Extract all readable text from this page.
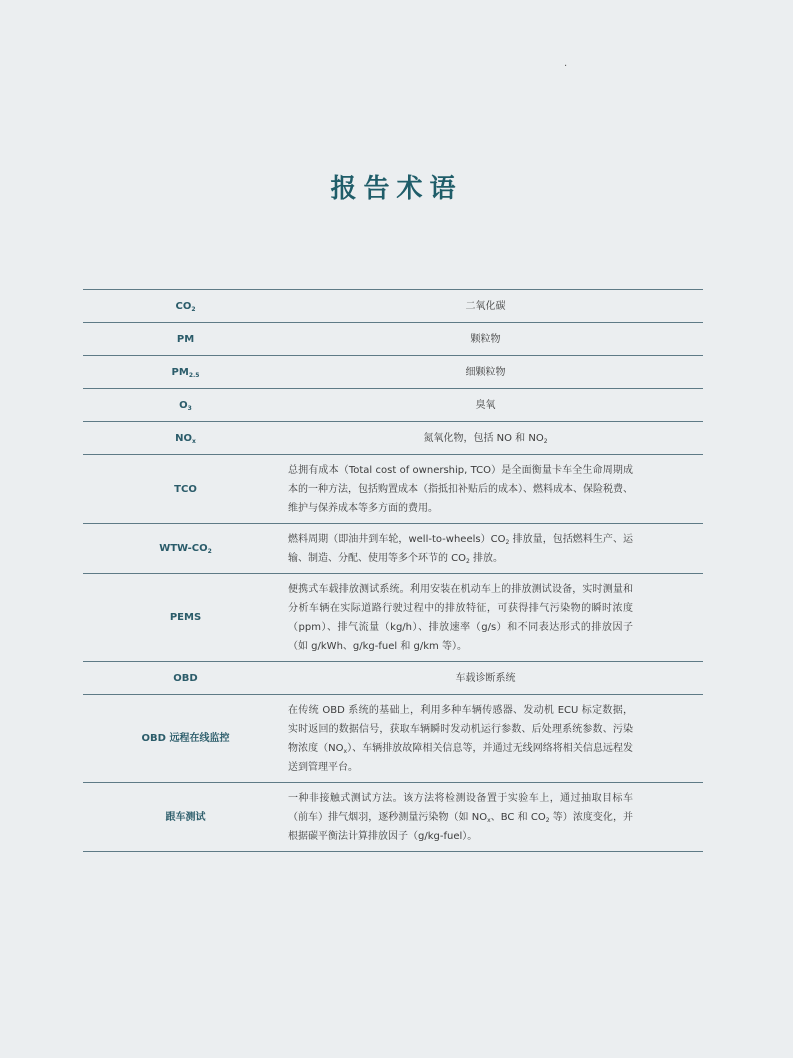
.
报告术语
$CO_2$	二氧化碳
PM	颗粒物
$PM_{2.5}$	细颗粒物
$O_3$	臭氧
$NO_x$	氮氧化物，包括 NO 和 $NO_2$
TCO	总拥有成本（Total cost of ownership, TCO）是全面衡量卡车全生命周期成本的一种方法，包括购置成本（指抵扣补贴后的成本）、燃料成本、保险税费、维护与保养成本等多方面的费用。
WTW-$CO_2$	燃料周期（即油井到车轮，well-$to-wheels)CO_2$ 排放量，包括燃料生产、运输、制造、分配、使用等多个环节的 $CO_2$ 排放。
PEMS	便携式车载排放测试系统。利用安装在机动车上的排放测试设备，实时测量和分析车辆在实际道路行驶过程中的排放特征，可获得排气污染物的瞬时浓度（ppm）、排气流量（kg/h）、排放速率（g/s）和不同表达形式的排放因子（如 g/kWh、g/kg-fuel 和 g/km 等）。
OBD	车载诊断系统
OBD 远程在线监控	在传统 OBD 系统的基础上，利用多种车辆传感器、发动机 ECU 标定数据，实时返回的数据信号，获取车辆瞬时发动机运行参数、后处理系统参数、污染物浓度$(NO_x)$、车辆排放故障相关信息等，并通过无线网络将相关信息远程发送到管理平台。
跟车测试	一种非接触式测试方法。该方法将检测设备置于实验车上，通过抽取目标车（前车）排气烟羽，逐秒测量污染物（如 $NO_x$、BC 和 $CO_2$ 等）浓度变化，并根据碳平衡法计算排放因子（g/kg-fuel）。
